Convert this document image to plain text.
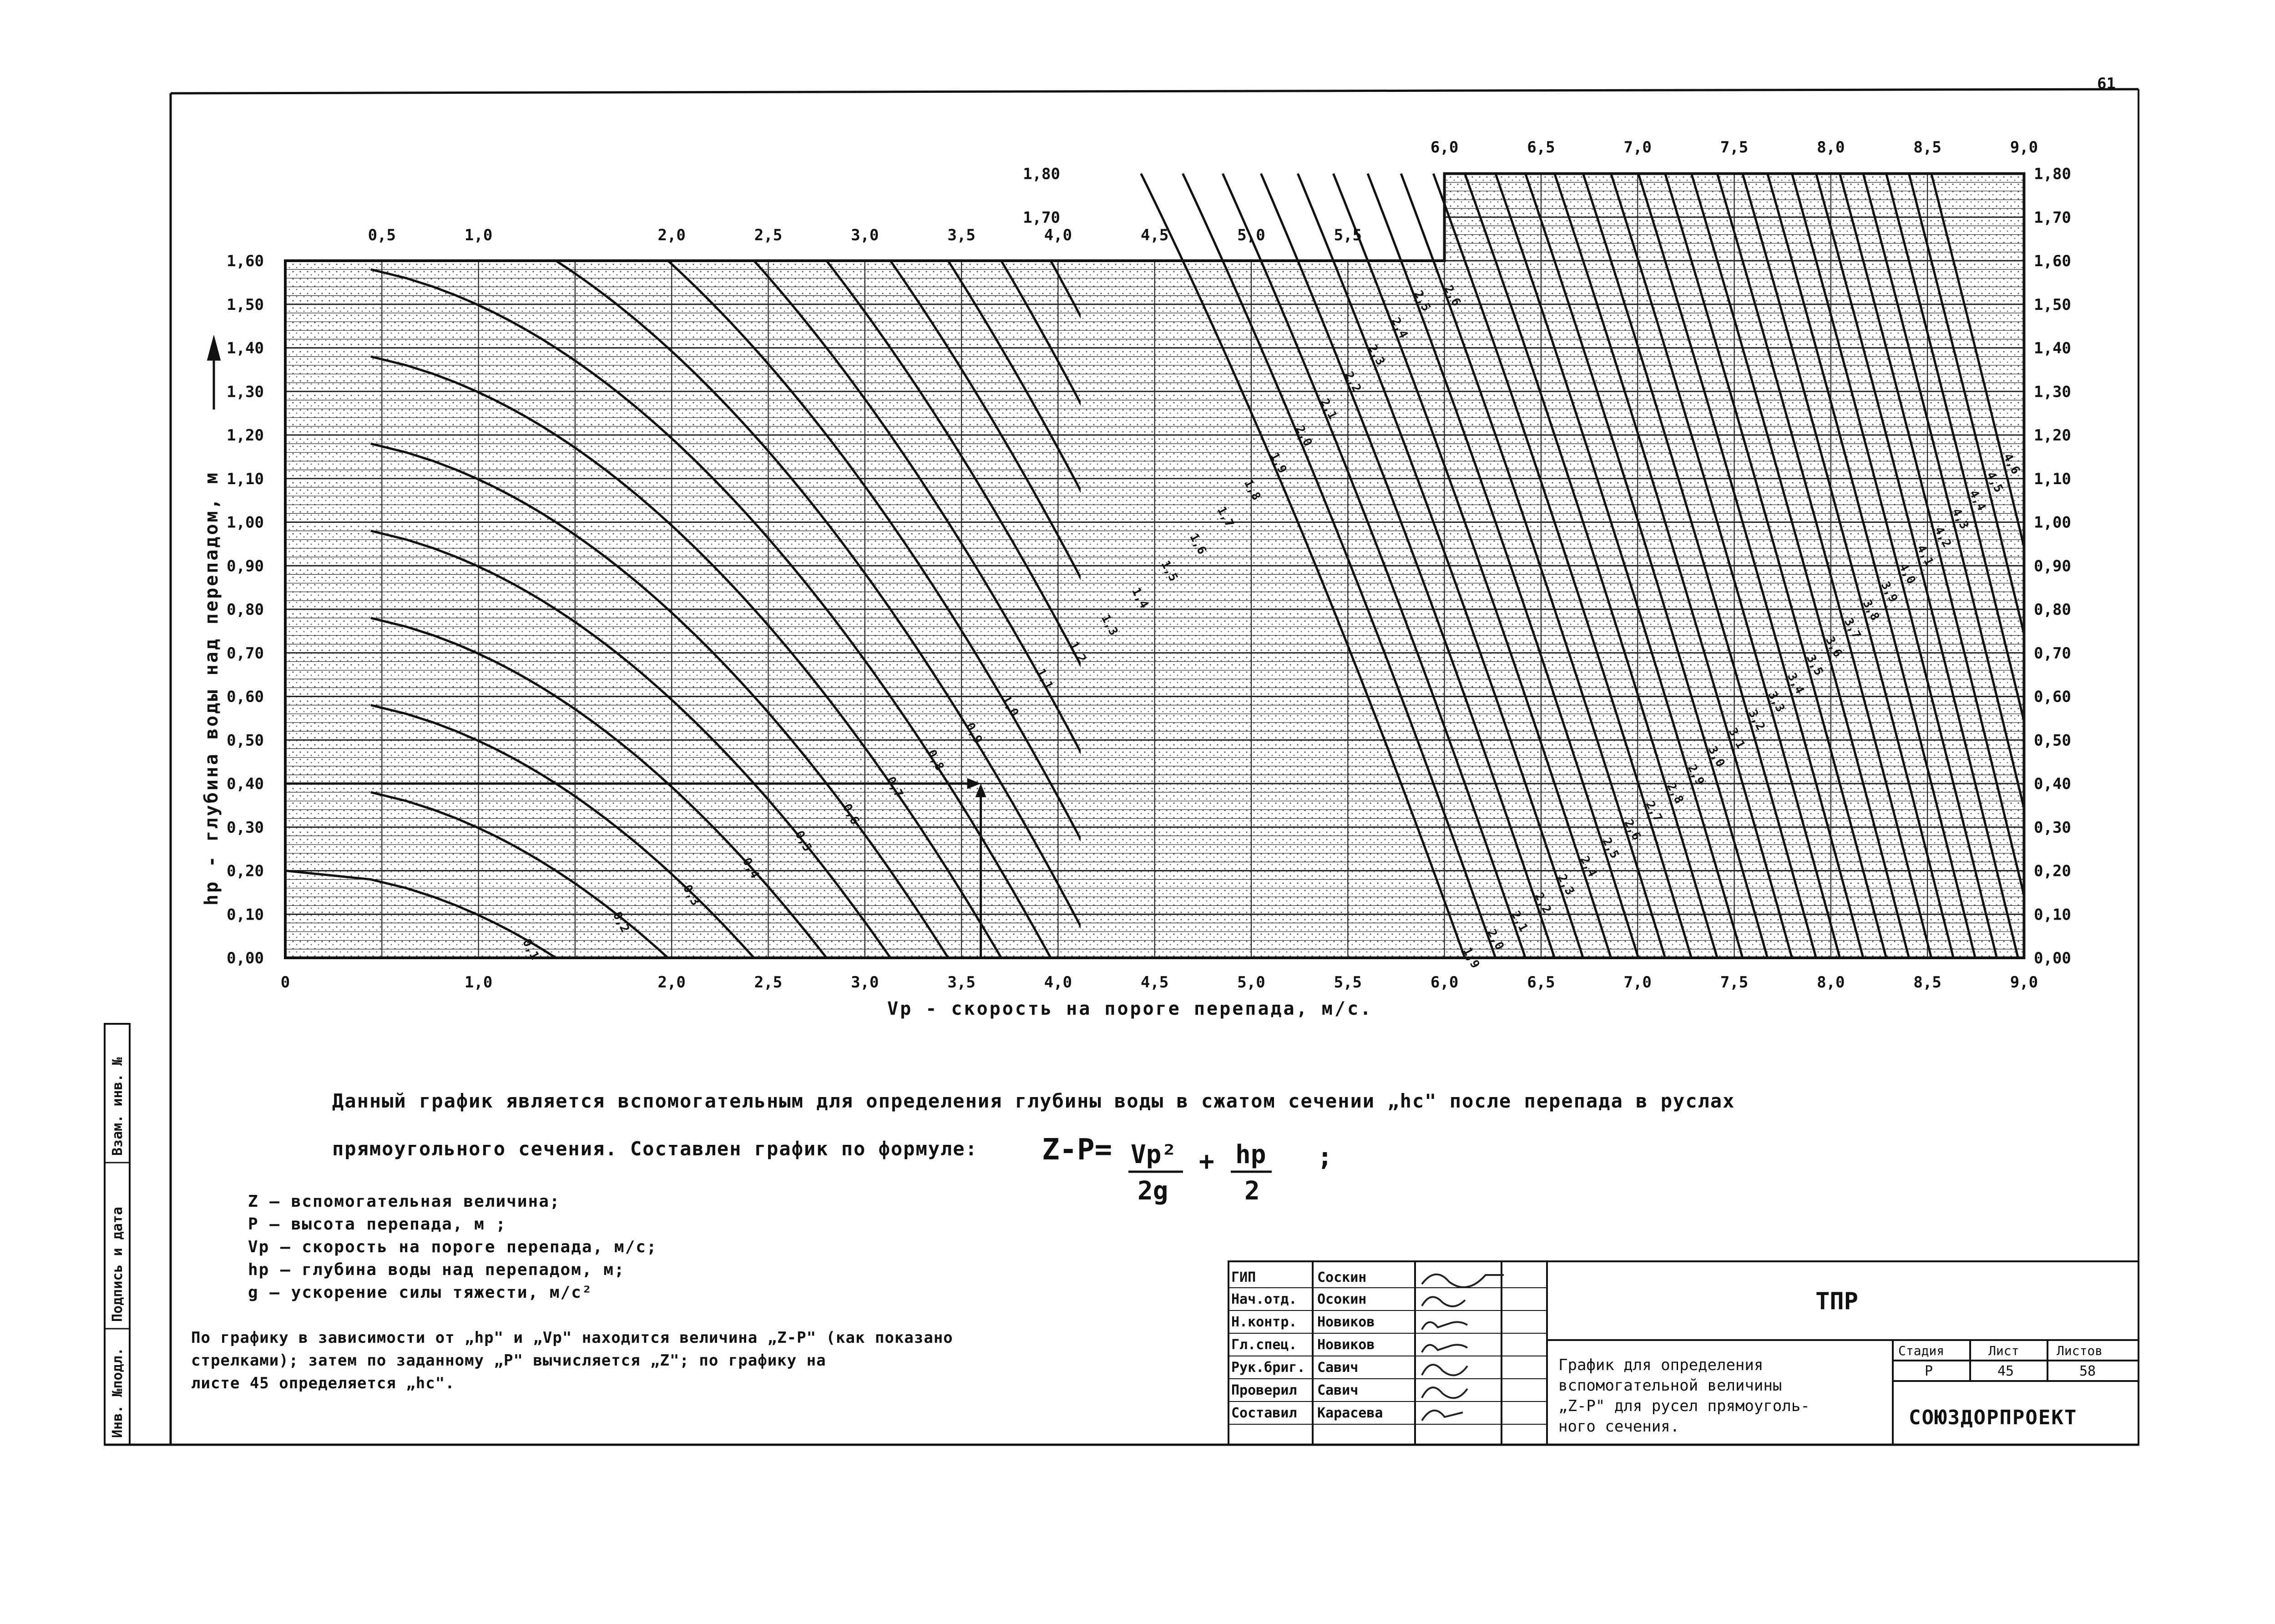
61
Инв. №подл.
Подпись и дата
Взам. инв. №
0,1
0,2
0,3
0,4
0,5
0,6
0,7
0,8
0,9
1,0
1,1
1,2
1,3
1,4
1,5
1,6
1,7
1,8
1,9
2,0
2,1
2,2
2,3
2,4
2,5 2,6
1,9
2,0
2,1
2,2
2,3
2,4
2,5
2,6
2,7
2,8
2,9
3,0
3,1
3,2
3,3
3,4
3,5
3,6
3,7
3,8
3,9
4,0
4,1
4,2
4,3
4,4
4,5
4,6
0	1,0	2,0	2,5	3,0	3,5	4,0	4,5	5,0	5,5	6,0	6,5	7,0	7,5	8,0	8,5	9,0
0,5	1,0	2,0	2,5	3,0	3,5	4,0	4,5	5,0	5,5
6,0	6,5	7,0	7,5	8,0	8,5	9,0
0,00
0,10
0,20
0,30
0,40
0,50
0,60
0,70
0,80
0,90
1,00
1,10
1,20
1,30
1,40
1,50
1,60
1,70
1,80
0,00
0,10
0,20
0,30
0,40
0,50
0,60
0,70
0,80
0,90
1,00
1,10
1,20
1,30
1,40
1,50
1,60
1,70
1,80
Vp - скорость на пороге перепада, м/с.
hp - глубина воды над перепадом, м
Данный график является вспомогательным для определения глубины воды в сжатом сечении „hc" после перепада в руслах
прямоугольного сечения. Составлен график по формуле: Z-P= Vp²
2g
+ hp
2
;
Z — вспомогательная величина;
P — высота перепада, м ;
Vp — скорость на пороге перепада, м/с;
hp — глубина воды над перепадом, м;
g — ускорение силы тяжести, м/с²
По графику в зависимости от „hp" и „Vp" находится величина „Z-P" (как показано
стрелками); затем по заданному „P" вычисляется „Z"; по графику на
листе 45 определяется „hc".
ГИП	Соскин
Нач.отд. Осокин
Н.контр. Новиков
Гл.спец. Новиков
Рук.бриг. Савич
Проверил Савич
Составил Карасева
ТПР
График для определения
вспомогательной величины
„Z-P" для русел прямоуголь-
ного сечения.
Стадия	Лист	Листов
Р	45	58
СОЮЗДОРПРОЕКТ
